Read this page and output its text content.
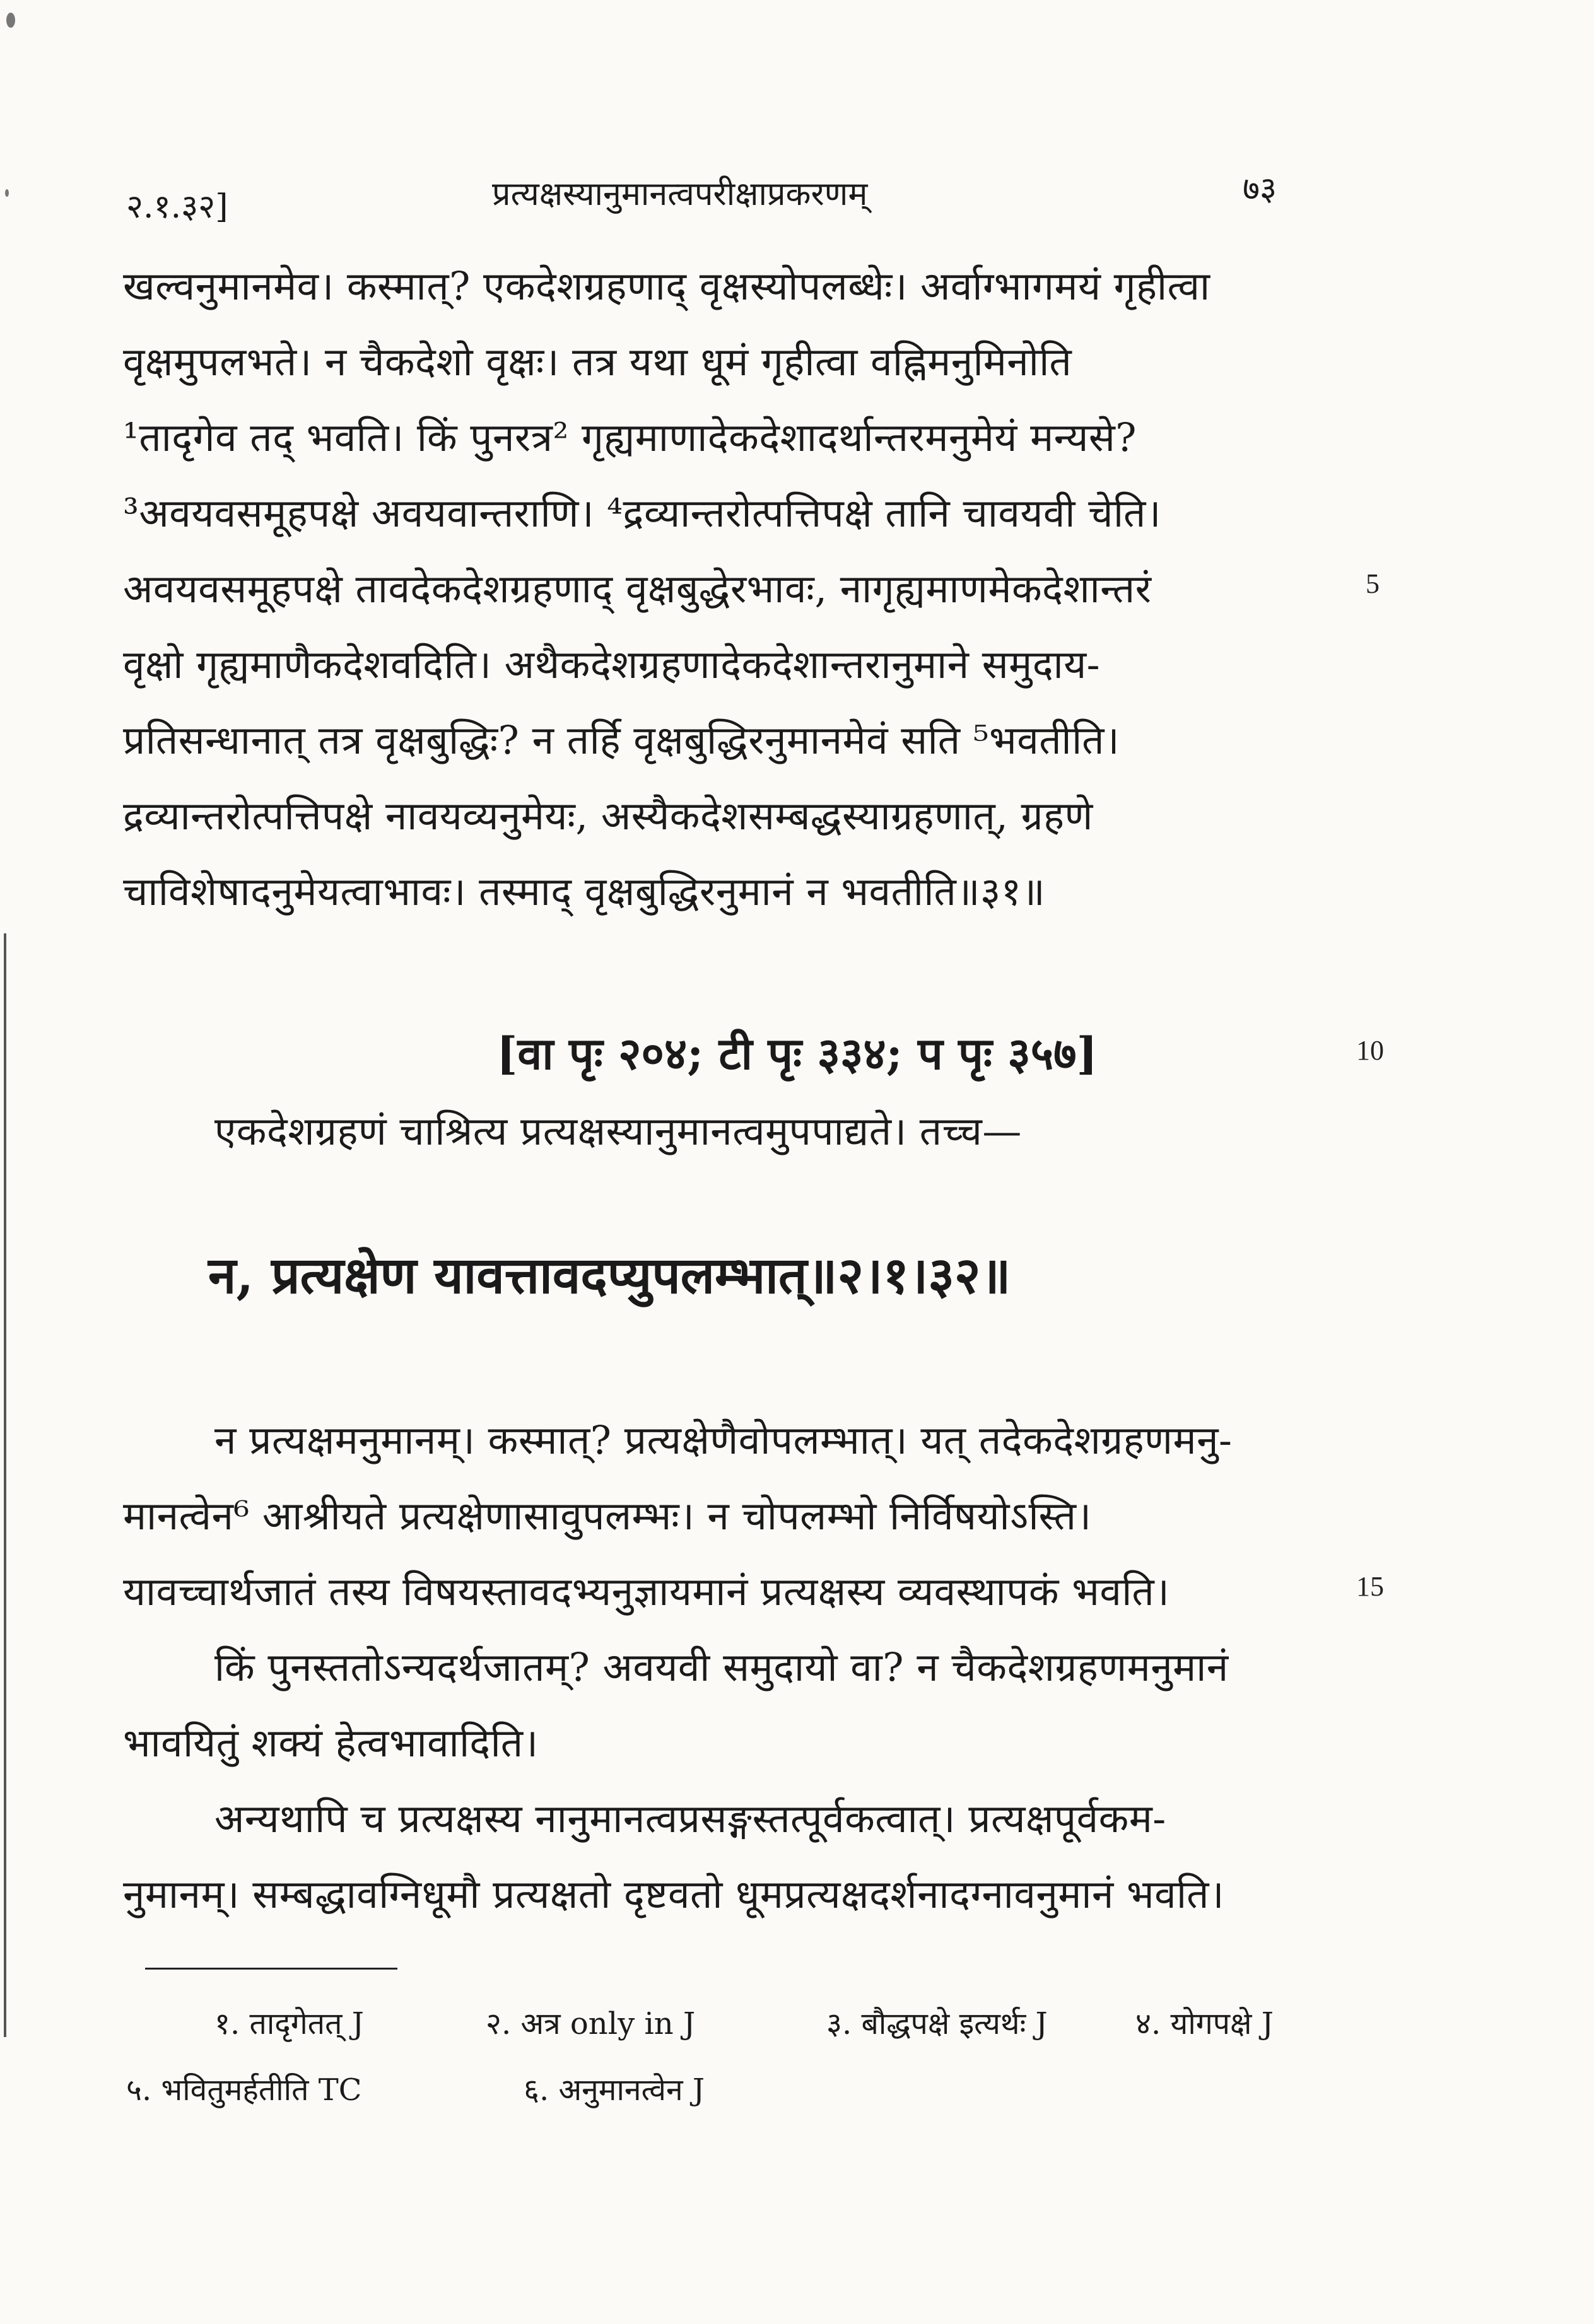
२.१.३२]	प्रत्यक्षस्यानुमानत्वपरीक्षाप्रकरणम्	७३
खल्वनुमानमेव। कस्मात्? एकदेशग्रहणाद् वृक्षस्योपलब्धेः। अर्वाग्भागमयं गृहीत्वा
वृक्षमुपलभते। न चैकदेशो वृक्षः। तत्र यथा धूमं गृहीत्वा वह्निमनुमिनोति
¹तादृगेव तद् भवति। किं पुनरत्र² गृह्यमाणादेकदेशादर्थान्तरमनुमेयं मन्यसे?
³अवयवसमूहपक्षे अवयवान्तराणि। ⁴द्रव्यान्तरोत्पत्तिपक्षे तानि चावयवी चेति।
अवयवसमूहपक्षे तावदेकदेशग्रहणाद् वृक्षबुद्धेरभावः, नागृह्यमाणमेकदेशान्तरं
वृक्षो गृह्यमाणैकदेशवदिति। अथैकदेशग्रहणादेकदेशान्तरानुमाने समुदाय-
प्रतिसन्धानात् तत्र वृक्षबुद्धिः? न तर्हि वृक्षबुद्धिरनुमानमेवं सति ⁵भवतीति।
द्रव्यान्तरोत्पत्तिपक्षे नावयव्यनुमेयः, अस्यैकदेशसम्बद्धस्याग्रहणात्, ग्रहणे
चाविशेषादनुमेयत्वाभावः। तस्माद् वृक्षबुद्धिरनुमानं न भवतीति॥३१॥
5
10
15
[वा पृः २०४; टी पृः ३३४; प पृः ३५७]
एकदेशग्रहणं चाश्रित्य प्रत्यक्षस्यानुमानत्वमुपपाद्यते। तच्च—
न, प्रत्यक्षेण यावत्तावदप्युपलम्भात्॥२।१।३२॥
न प्रत्यक्षमनुमानम्। कस्मात्? प्रत्यक्षेणैवोपलम्भात्। यत् तदेकदेशग्रहणमनु-
मानत्वेन⁶ आश्रीयते प्रत्यक्षेणासावुपलम्भः। न चोपलम्भो निर्विषयोऽस्ति।
यावच्चार्थजातं तस्य विषयस्तावदभ्यनुज्ञायमानं प्रत्यक्षस्य व्यवस्थापकं भवति।
किं पुनस्ततोऽन्यदर्थजातम्? अवयवी समुदायो वा? न चैकदेशग्रहणमनुमानं
भावयितुं शक्यं हेत्वभावादिति।
अन्यथापि च प्रत्यक्षस्य नानुमानत्वप्रसङ्गस्तत्पूर्वकत्वात्। प्रत्यक्षपूर्वकम-
नुमानम्। सम्बद्धावग्निधूमौ प्रत्यक्षतो दृष्टवतो धूमप्रत्यक्षदर्शनादग्नावनुमानं भवति।
१. तादृगेतत् J	२. अत्र only in J	३. बौद्धपक्षे इत्यर्थः J	४. योगपक्षे J
५. भवितुमर्हतीति TC	६. अनुमानत्वेन J
